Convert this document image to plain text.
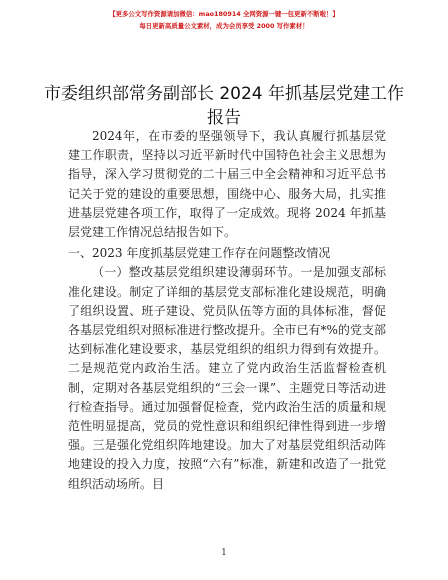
【更多公文写作资源请加微信：mao180914 全网资源一键一包更新不断啦！】
每日更新高质量公文素材，成为会员享受 2000 写作素材！
市委组织部常务副部长 2024 年抓基层党建工作
报告

2024年，在市委的坚强领导下，我认真履行抓基层党建工作职责，坚持以习近平新时代中国特色社会主义思想为指导，深入学习贯彻党的二十届三中全会精神和习近平总书记关于党的建设的重要思想，围绕中心、服务大局，扎实推进基层党建各项工作，取得了一定成效。现将 2024 年抓基层党建工作情况总结报告如下。

一、2023 年度抓基层党建工作存在问题整改情况

（一）整改基层党组织建设薄弱环节。一是加强支部标准化建设。制定了详细的基层党支部标准化建设规范，明确了组织设置、班子建设、党员队伍等方面的具体标准，督促各基层党组织对照标准进行整改提升。全市已有*%的党支部达到标准化建设要求，基层党组织的组织力得到有效提升。二是规范党内政治生活。建立了党内政治生活监督检查机制，定期对各基层党组织的“三会一课”、主题党日等活动进行检查指导。通过加强督促检查，党内政治生活的质量和规范性明显提高，党员的党性意识和组织纪律性得到进一步增强。三是强化党组织阵地建设。加大了对基层党组织活动阵地建设的投入力度，按照“六有”标准，新建和改造了一批党组织活动场所。目

1
